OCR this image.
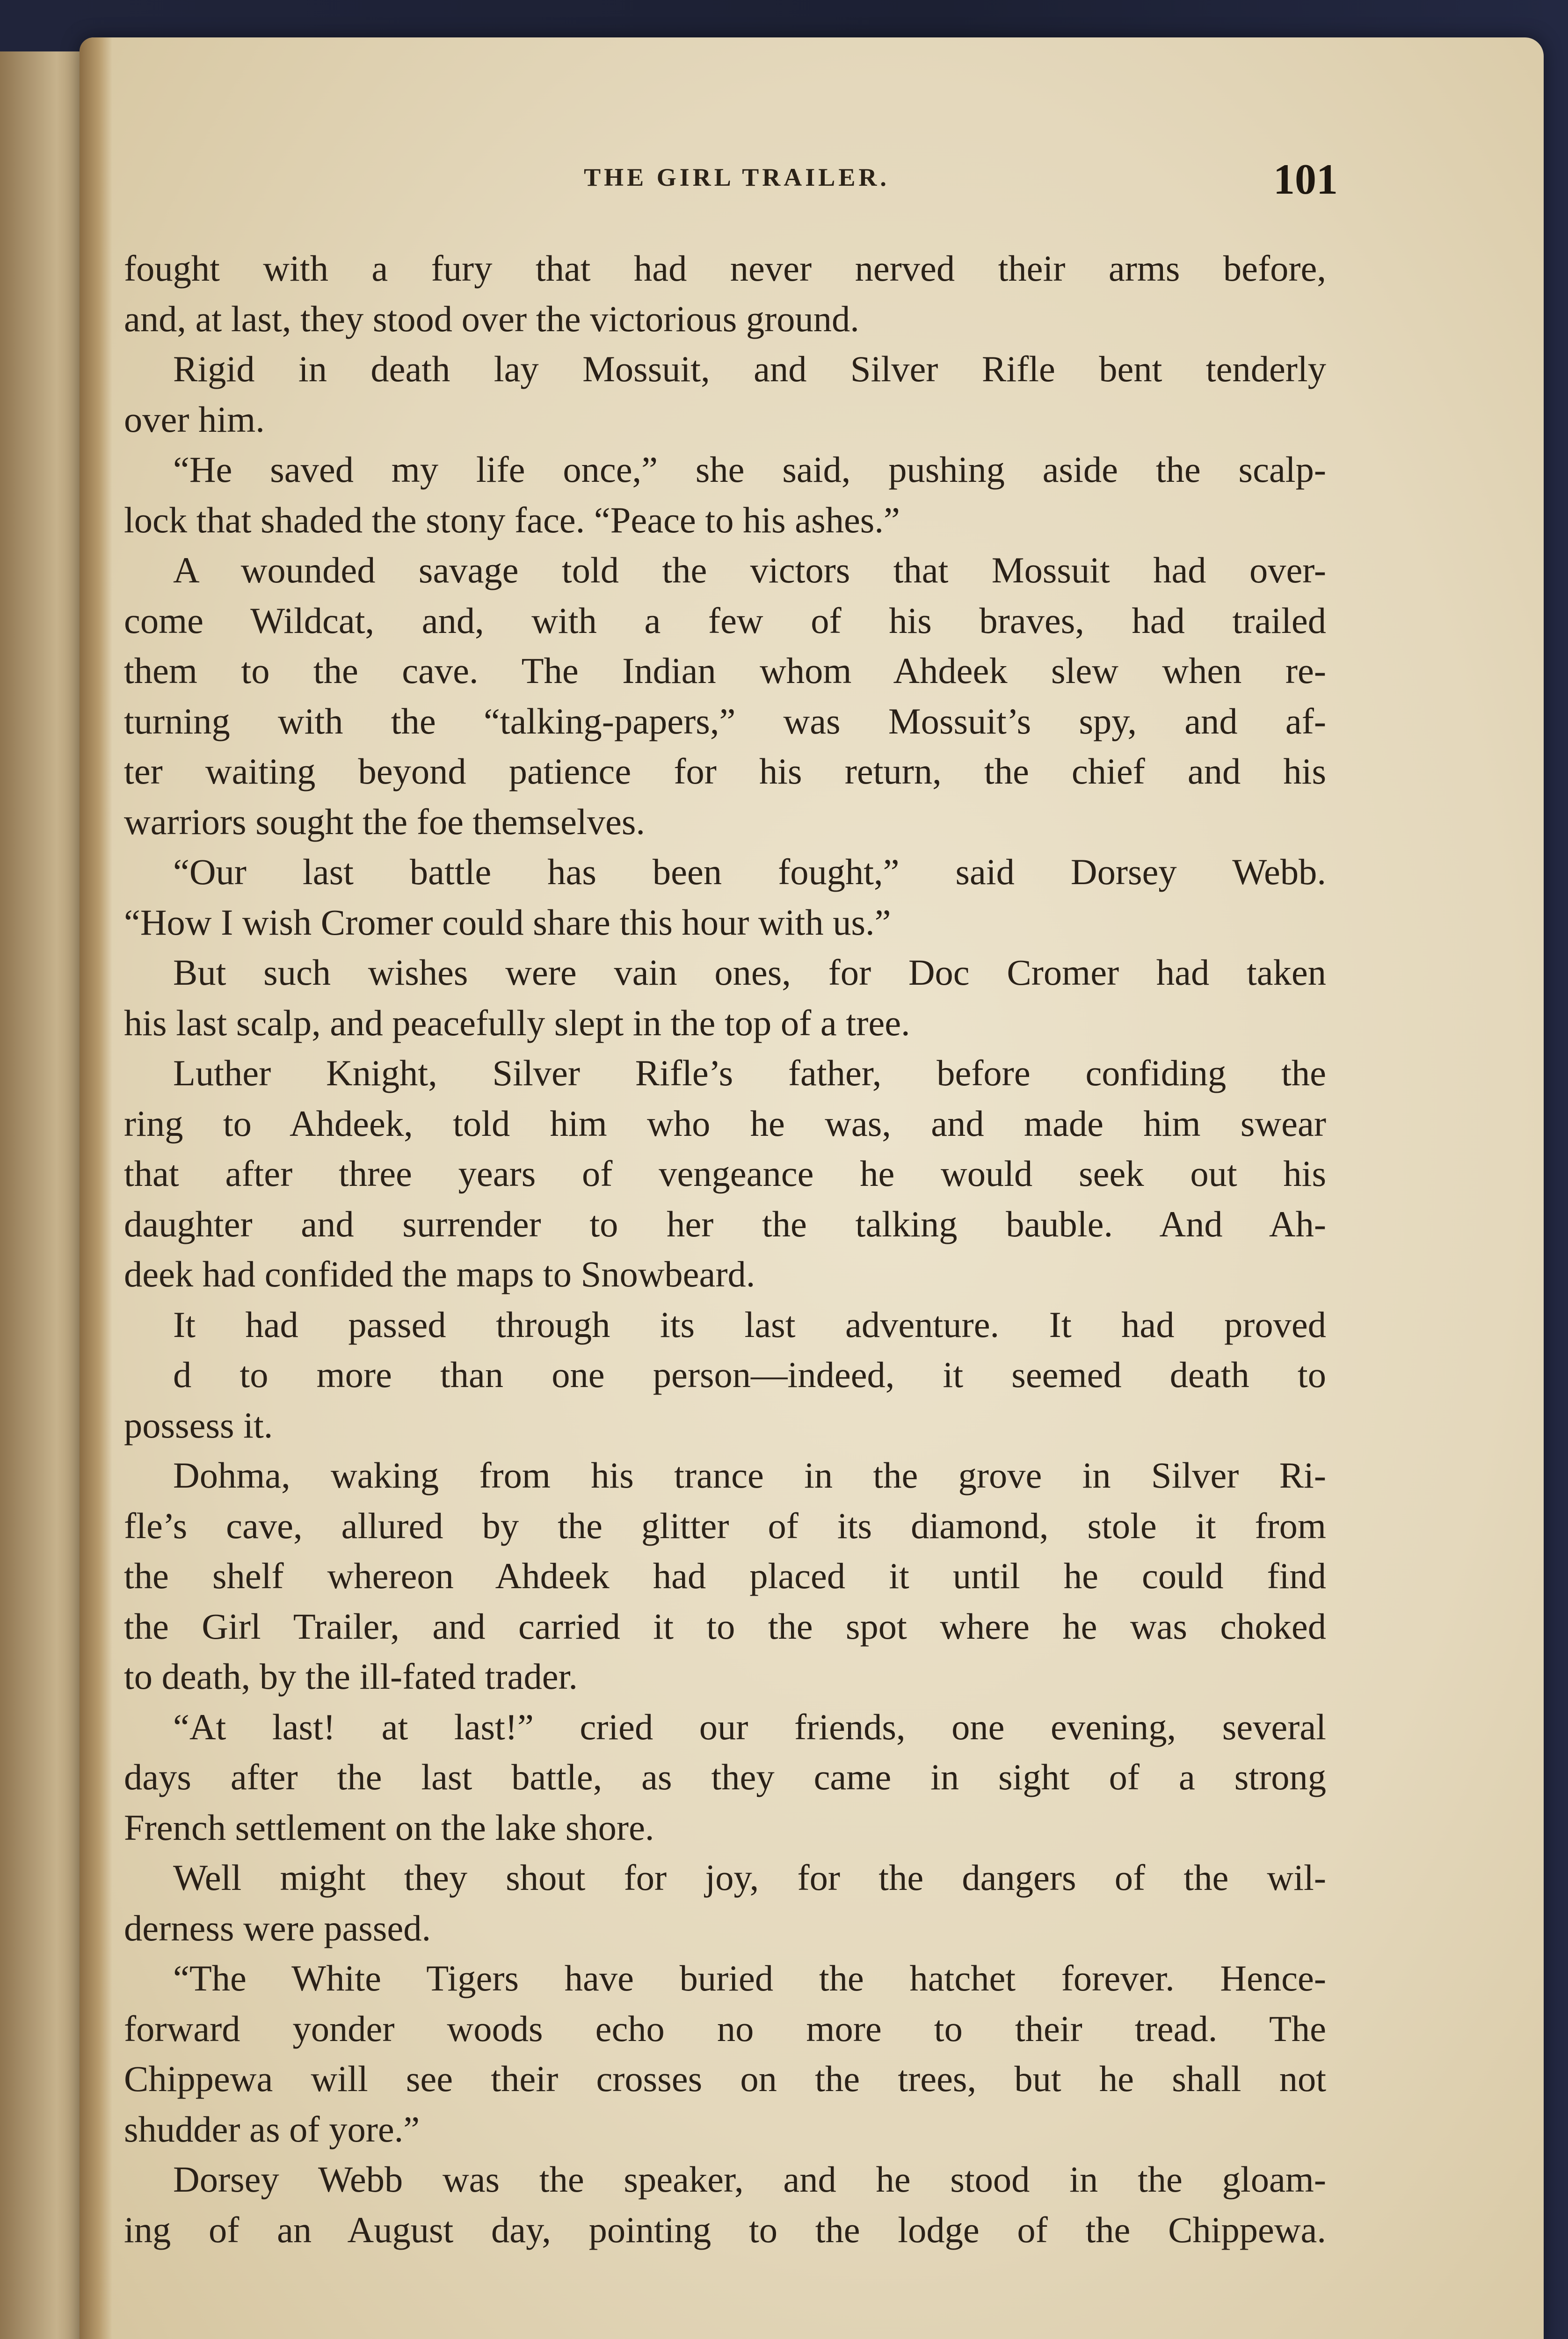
THE GIRL TRAILER.	101
fought with a fury that had never nerved their arms before,
and, at last, they stood over the victorious ground.
Rigid in death lay Mossuit, and Silver Rifle bent tenderly
over him.
“He saved my life once,” she said, pushing aside the scalp-
lock that shaded the stony face. “Peace to his ashes.”
A wounded savage told the victors that Mossuit had over-
come Wildcat, and, with a few of his braves, had trailed
them to the cave. The Indian whom Ahdeek slew when re-
turning with the “talking-papers,” was Mossuit’s spy, and af-
ter waiting beyond patience for his return, the chief and his
warriors sought the foe themselves.
“Our last battle has been fought,” said Dorsey Webb.
“How I wish Cromer could share this hour with us.”
But such wishes were vain ones, for Doc Cromer had taken
his last scalp, and peacefully slept in the top of a tree.
Luther Knight, Silver Rifle’s father, before confiding the
ring to Ahdeek, told him who he was, and made him swear
that after three years of vengeance he would seek out his
daughter and surrender to her the talking bauble. And Ah-
deek had confided the maps to Snowbeard.
It had passed through its last adventure. It had proved
d to more than one person—indeed, it seemed death to
possess it.
Dohma, waking from his trance in the grove in Silver Ri-
fle’s cave, allured by the glitter of its diamond, stole it from
the shelf whereon Ahdeek had placed it until he could find
the Girl Trailer, and carried it to the spot where he was choked
to death, by the ill-fated trader.
“At last! at last!” cried our friends, one evening, several
days after the last battle, as they came in sight of a strong
French settlement on the lake shore.
Well might they shout for joy, for the dangers of the wil-
derness were passed.
“The White Tigers have buried the hatchet forever. Hence-
forward yonder woods echo no more to their tread. The
Chippewa will see their crosses on the trees, but he shall not
shudder as of yore.”
Dorsey Webb was the speaker, and he stood in the gloam-
ing of an August day, pointing to the lodge of the Chippewa.
